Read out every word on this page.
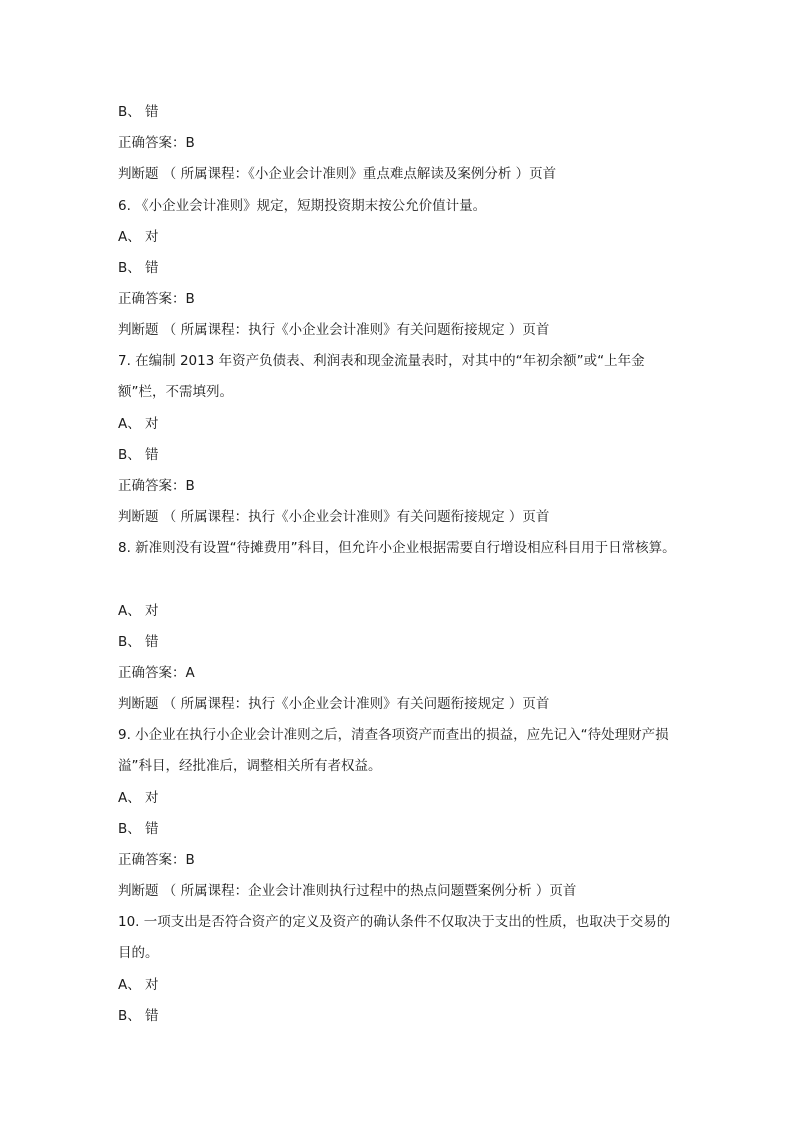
B、 错
正确答案：B
判断题 （ 所属课程：《小企业会计准则》重点难点解读及案例分析 ）页首
6. 《小企业会计准则》规定，短期投资期末按公允价值计量。
A、 对
B、 错
正确答案：B
判断题 （ 所属课程：执行《小企业会计准则》有关问题衔接规定 ）页首
7. 在编制 2013 年资产负债表、利润表和现金流量表时，对其中的“年初余额”或“上年金额”栏，不需填列。
A、 对
B、 错
正确答案：B
判断题 （ 所属课程：执行《小企业会计准则》有关问题衔接规定 ）页首
8. 新准则没有设置“待摊费用”科目，但允许小企业根据需要自行增设相应科目用于日常核算。
A、 对
B、 错
正确答案：A
判断题 （ 所属课程：执行《小企业会计准则》有关问题衔接规定 ）页首
9. 小企业在执行小企业会计准则之后，清查各项资产而查出的损益，应先记入“待处理财产损溢”科目，经批准后，调整相关所有者权益。
A、 对
B、 错
正确答案：B
判断题 （ 所属课程：企业会计准则执行过程中的热点问题暨案例分析 ）页首
10. 一项支出是否符合资产的定义及资产的确认条件不仅取决于支出的性质，也取决于交易的目的。
A、 对
B、 错
